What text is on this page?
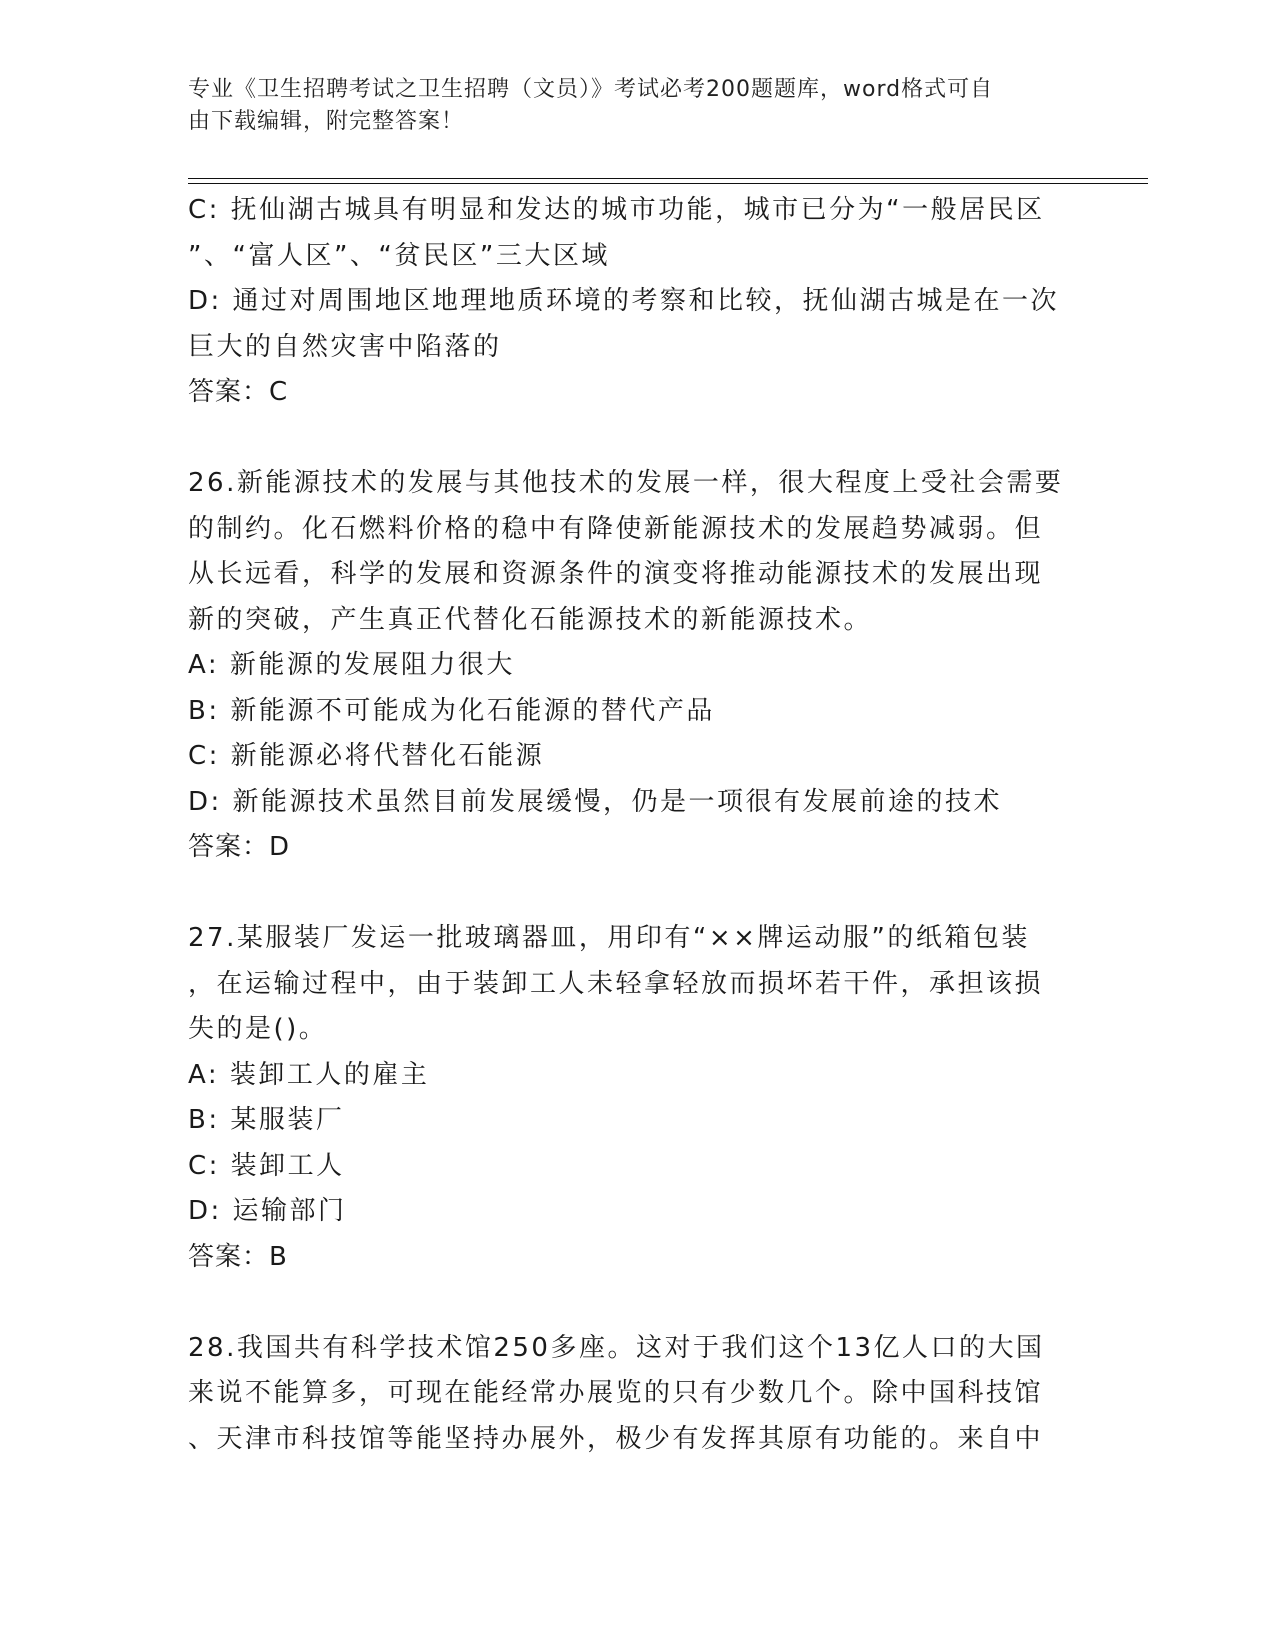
专业《卫生招聘考试之卫生招聘（文员）》考试必考200题题库，word格式可自
由下载编辑，附完整答案！
C: 抚仙湖古城具有明显和发达的城市功能，城市已分为“一般居民区
”、“富人区”、“贫民区”三大区域
D: 通过对周围地区地理地质环境的考察和比较，抚仙湖古城是在一次
巨大的自然灾害中陷落的
答案：C
26.新能源技术的发展与其他技术的发展一样，很大程度上受社会需要
的制约。化石燃料价格的稳中有降使新能源技术的发展趋势减弱。但
从长远看，科学的发展和资源条件的演变将推动能源技术的发展出现
新的突破，产生真正代替化石能源技术的新能源技术。
A: 新能源的发展阻力很大
B: 新能源不可能成为化石能源的替代产品
C: 新能源必将代替化石能源
D: 新能源技术虽然目前发展缓慢，仍是一项很有发展前途的技术
答案：D
27.某服装厂发运一批玻璃器皿，用印有“××牌运动服”的纸箱包装
，在运输过程中，由于装卸工人未轻拿轻放而损坏若干件，承担该损
失的是()。
A: 装卸工人的雇主
B: 某服装厂
C: 装卸工人
D: 运输部门
答案：B
28.我国共有科学技术馆250多座。这对于我们这个13亿人口的大国
来说不能算多，可现在能经常办展览的只有少数几个。除中国科技馆
、天津市科技馆等能坚持办展外，极少有发挥其原有功能的。来自中
